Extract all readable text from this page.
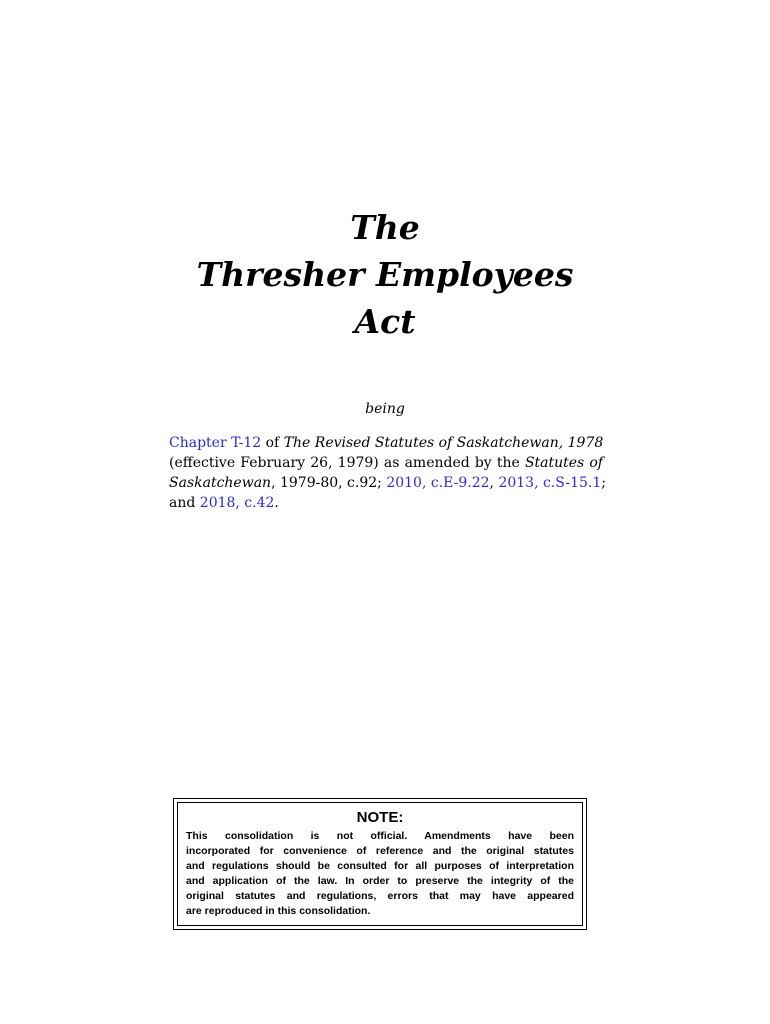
The
Thresher Employees
Act
being
Chapter T-12 of The Revised Statutes of Saskatchewan, 1978
(effective February 26, 1979) as amended by the Statutes of
Saskatchewan, 1979-80, c.92; 2010, c.E-9.22, 2013, c.S-15.1;
and 2018, c.42.
NOTE:
This consolidation is not official. Amendments have been
incorporated for convenience of reference and the original statutes
and regulations should be consulted for all purposes of interpretation
and application of the law. In order to preserve the integrity of the
original statutes and regulations, errors that may have appeared
are reproduced in this consolidation.
